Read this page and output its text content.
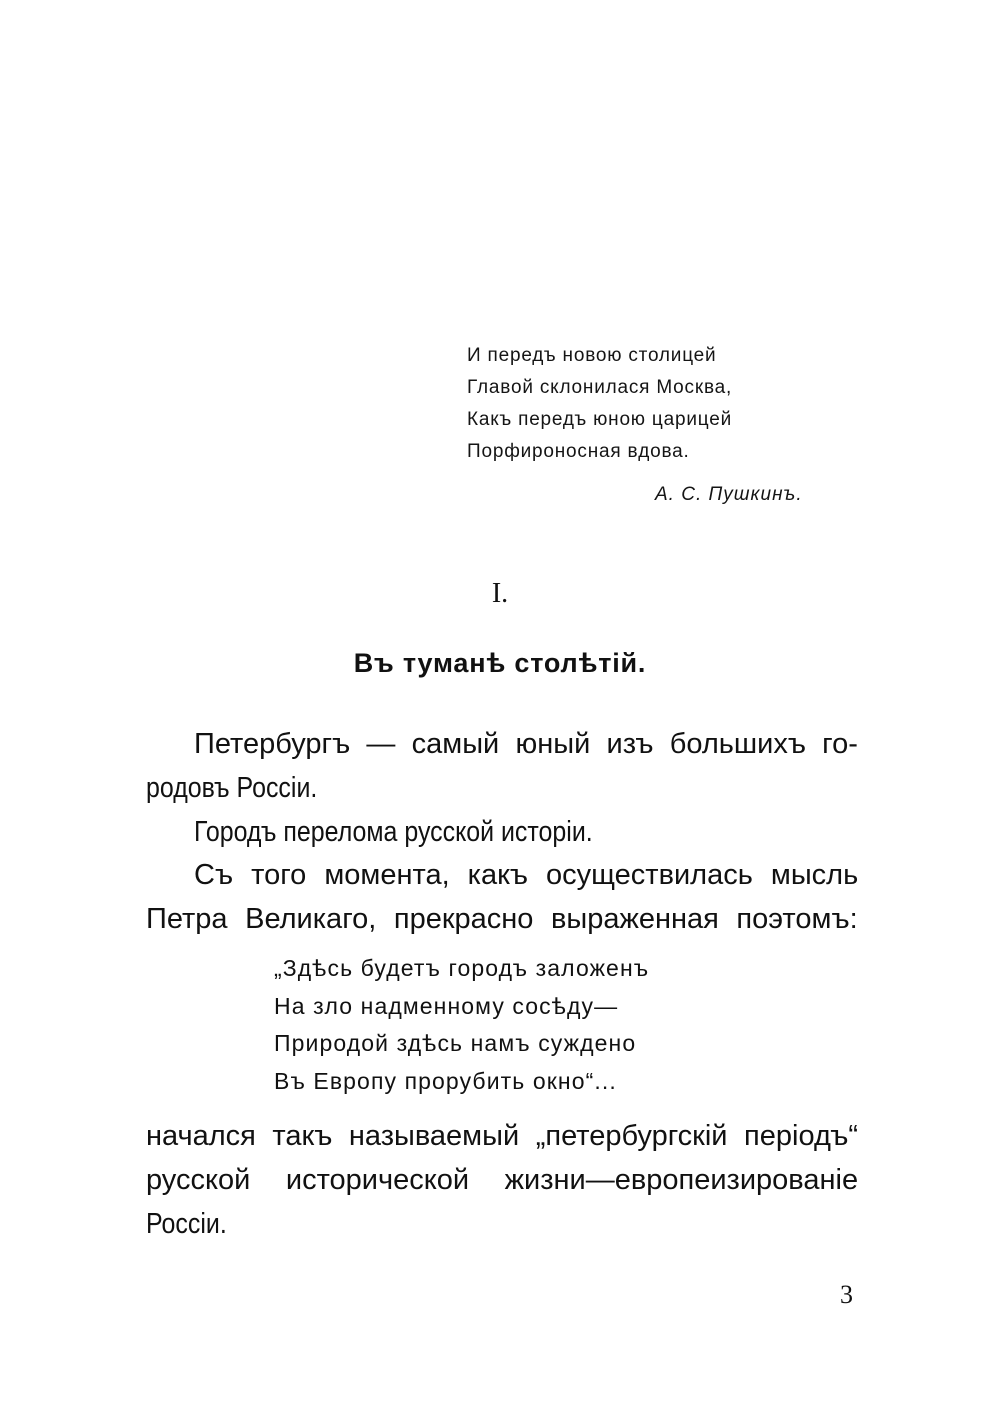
И передъ новою столицей
Главой склонилася Москва,
Какъ передъ юною царицей
Порфироносная вдова.
А. С. Пушкинъ.
I.
Въ туманѣ столѣтiй.
Петербургъ — самый юный изъ большихъ го-
родовъ Россiи.
Городъ перелома русской исторiи.
Съ того момента, какъ осуществилась мысль
Петра Великаго, прекрасно выраженная поэтомъ:
„Здѣсь будетъ городъ заложенъ
На зло надменному сосѣду—
Природой здѣсь намъ суждено
Въ Европу прорубить окно“...
начался такъ называемый „петербургскiй перiодъ“
русской исторической жизни—европеизированiе
Россiи.
3
